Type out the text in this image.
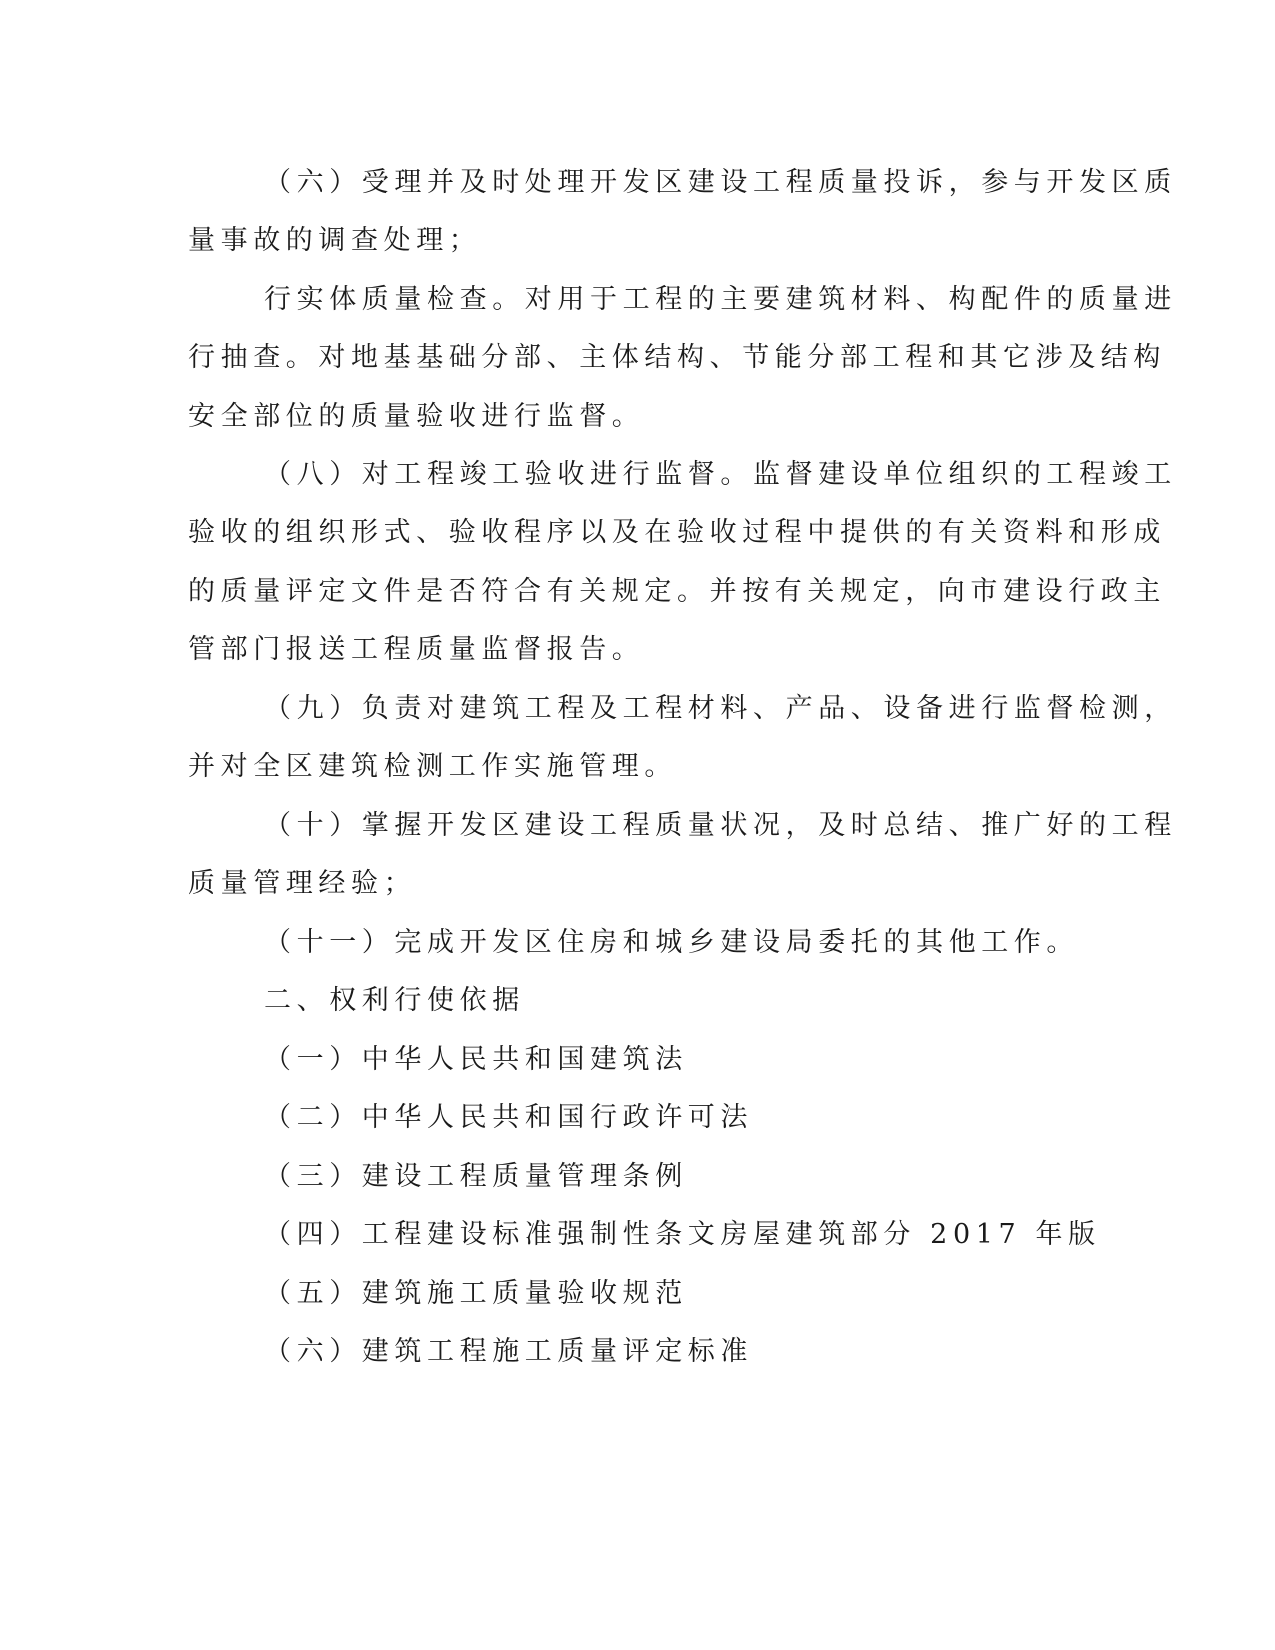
（六）受理并及时处理开发区建设工程质量投诉，参与开发区质
量事故的调查处理；
行实体质量检查。对用于工程的主要建筑材料、构配件的质量进
行抽查。对地基基础分部、主体结构、节能分部工程和其它涉及结构
安全部位的质量验收进行监督。
（八）对工程竣工验收进行监督。监督建设单位组织的工程竣工
验收的组织形式、验收程序以及在验收过程中提供的有关资料和形成
的质量评定文件是否符合有关规定。并按有关规定，向市建设行政主
管部门报送工程质量监督报告。
（九）负责对建筑工程及工程材料、产品、设备进行监督检测，
并对全区建筑检测工作实施管理。
（十）掌握开发区建设工程质量状况，及时总结、推广好的工程
质量管理经验；
（十一）完成开发区住房和城乡建设局委托的其他工作。
二、权利行使依据
（一）中华人民共和国建筑法
（二）中华人民共和国行政许可法
（三）建设工程质量管理条例
（四）工程建设标准强制性条文房屋建筑部分 2017 年版
（五）建筑施工质量验收规范
（六）建筑工程施工质量评定标准
